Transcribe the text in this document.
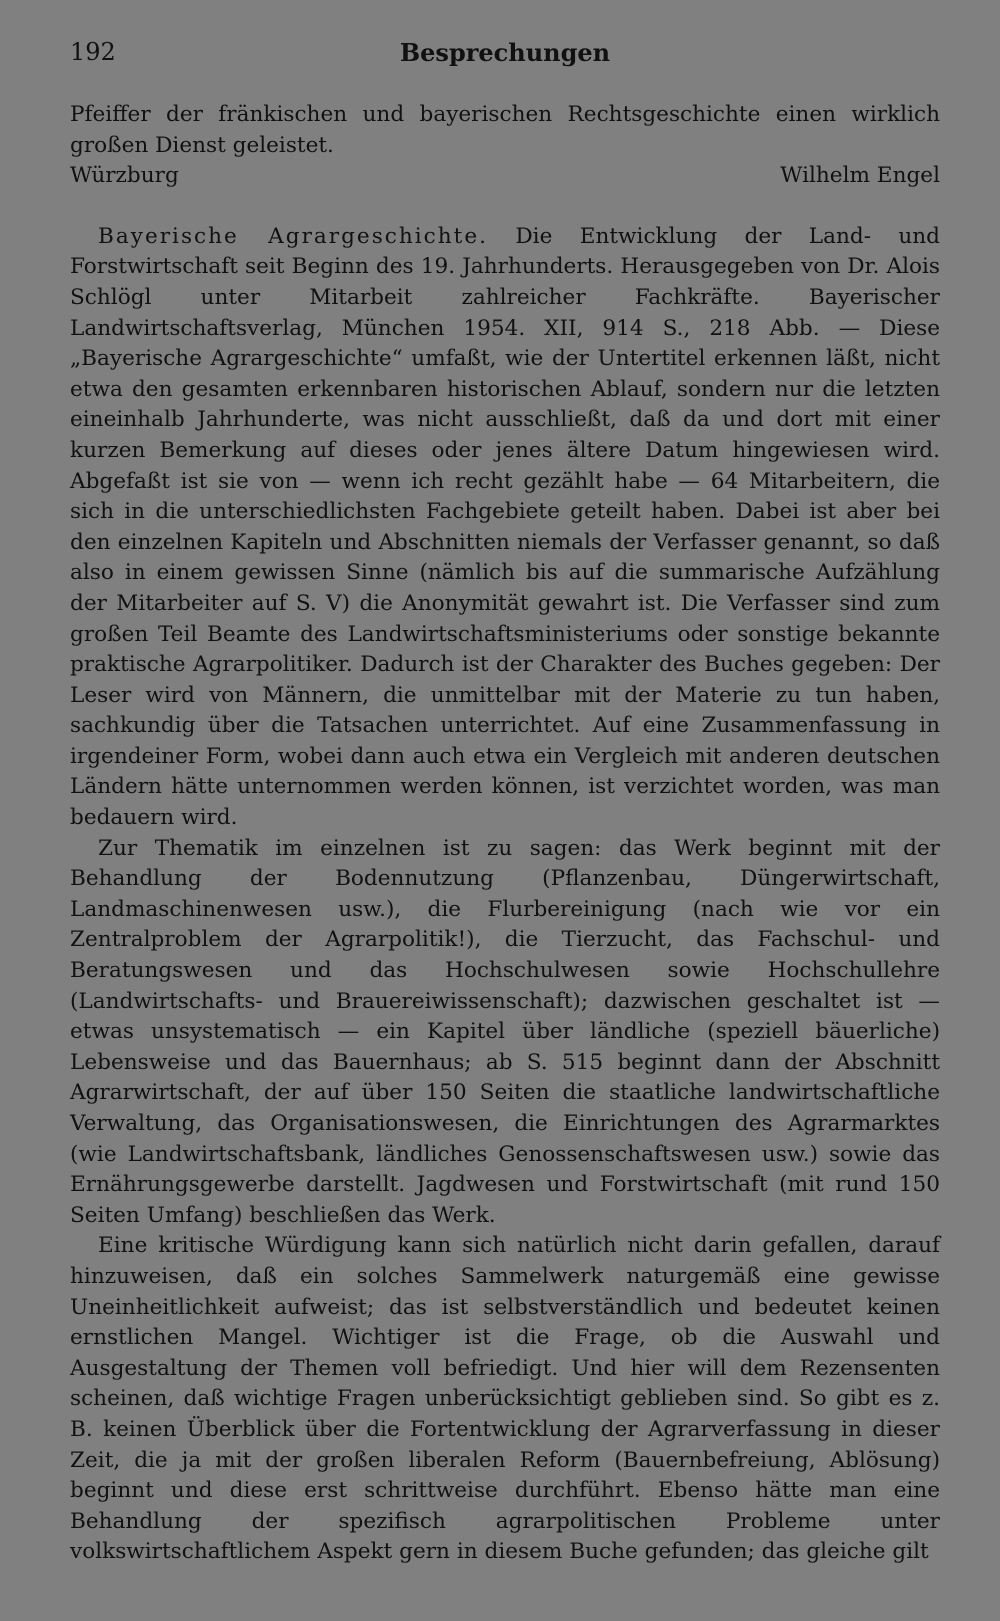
192	Besprechungen

Pfeiffer der fränkischen und bayerischen Rechtsgeschichte einen wirklich großen Dienst geleistet.

Würzburg	Wilhelm Engel

Bayerische Agrargeschichte. Die Entwicklung der Land- und Forstwirtschaft seit Beginn des 19. Jahrhunderts. Herausgegeben von Dr. Alois Schlögl unter Mitarbeit zahlreicher Fachkräfte. Bayerischer Landwirtschaftsverlag, München 1954. XII, 914 S., 218 Abb. — Diese „Bayerische Agrargeschichte“ umfaßt, wie der Untertitel erkennen läßt, nicht etwa den gesamten erkennbaren historischen Ablauf, sondern nur die letzten eineinhalb Jahrhunderte, was nicht ausschließt, daß da und dort mit einer kurzen Bemerkung auf dieses oder jenes ältere Datum hingewiesen wird. Abgefaßt ist sie von — wenn ich recht gezählt habe — 64 Mitarbeitern, die sich in die unterschiedlichsten Fachgebiete geteilt haben. Dabei ist aber bei den einzelnen Kapiteln und Abschnitten niemals der Verfasser genannt, so daß also in einem gewissen Sinne (nämlich bis auf die summarische Aufzählung der Mitarbeiter auf S. V) die Anonymität gewahrt ist. Die Verfasser sind zum großen Teil Beamte des Landwirtschaftsministeriums oder sonstige bekannte praktische Agrarpolitiker. Dadurch ist der Charakter des Buches gegeben: Der Leser wird von Männern, die unmittelbar mit der Materie zu tun haben, sachkundig über die Tatsachen unterrichtet. Auf eine Zusammenfassung in irgendeiner Form, wobei dann auch etwa ein Vergleich mit anderen deutschen Ländern hätte unternommen werden können, ist verzichtet worden, was man bedauern wird.

Zur Thematik im einzelnen ist zu sagen: das Werk beginnt mit der Behandlung der Bodennutzung (Pflanzenbau, Düngerwirtschaft, Landmaschinenwesen usw.), die Flurbereinigung (nach wie vor ein Zentralproblem der Agrarpolitik!), die Tierzucht, das Fachschul- und Beratungswesen und das Hochschulwesen sowie Hochschullehre (Landwirtschafts- und Brauereiwissenschaft); dazwischen geschaltet ist — etwas unsystematisch — ein Kapitel über ländliche (speziell bäuerliche) Lebensweise und das Bauernhaus; ab S. 515 beginnt dann der Abschnitt Agrarwirtschaft, der auf über 150 Seiten die staatliche landwirtschaftliche Verwaltung, das Organisationswesen, die Einrichtungen des Agrarmarktes (wie Landwirtschaftsbank, ländliches Genossenschaftswesen usw.) sowie das Ernährungsgewerbe darstellt. Jagdwesen und Forstwirtschaft (mit rund 150 Seiten Umfang) beschließen das Werk.

Eine kritische Würdigung kann sich natürlich nicht darin gefallen, darauf hinzuweisen, daß ein solches Sammelwerk naturgemäß eine gewisse Uneinheitlichkeit aufweist; das ist selbstverständlich und bedeutet keinen ernstlichen Mangel. Wichtiger ist die Frage, ob die Auswahl und Ausgestaltung der Themen voll befriedigt. Und hier will dem Rezensenten scheinen, daß wichtige Fragen unberücksichtigt geblieben sind. So gibt es z. B. keinen Überblick über die Fortentwicklung der Agrarverfassung in dieser Zeit, die ja mit der großen liberalen Reform (Bauernbefreiung, Ablösung) beginnt und diese erst schrittweise durchführt. Ebenso hätte man eine Behandlung der spezifisch agrarpolitischen Probleme unter volkswirtschaftlichem Aspekt gern in diesem Buche gefunden; das gleiche gilt
